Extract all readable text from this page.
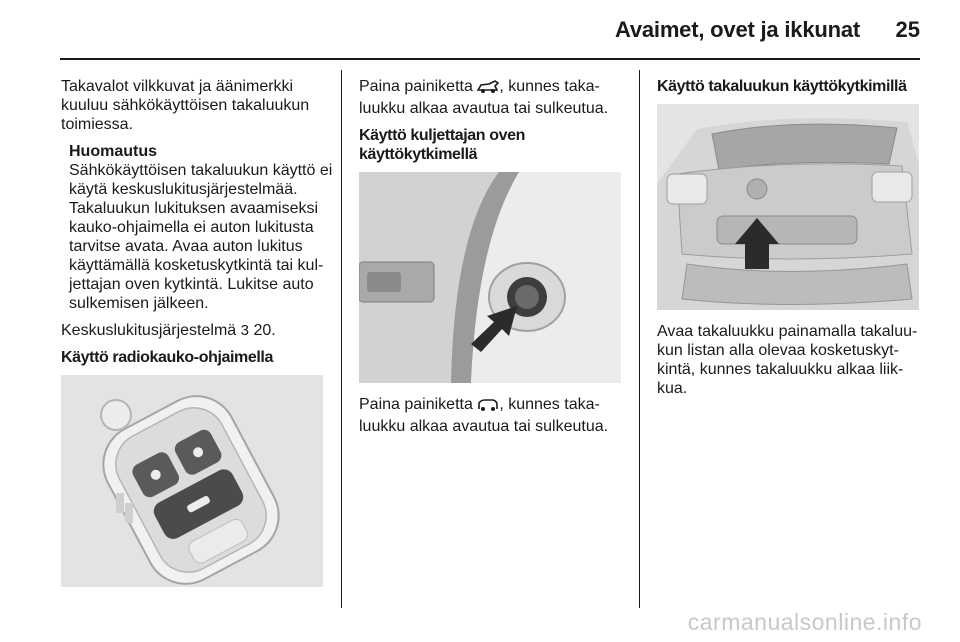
Avaimet, ovet ja ikkunat 25

Takavalot vilkkuvat ja äänimerkki kuuluu sähkökäyttöisen takaluukun toimiessa.

Huomautus
Sähkökäyttöisen takaluukun käyttö ei käytä keskuslukitusjärjestelmää. Takaluukun lukituksen avaamiseksi kauko-ohjaimella ei auton lukitusta tarvitse avata. Avaa auton lukitus käyttämällä kosketuskytkintä tai kul-jettajan oven kytkintä. Lukitse auto sulkemisen jälkeen.

Keskuslukitusjärjestelmä 3 20.

Käyttö radiokauko-ohjaimella

Paina painiketta , kunnes taka-luukku alkaa avautua tai sulkeutua.

Käyttö kuljettajan oven käyttökytkimellä

Paina painiketta , kunnes taka-luukku alkaa avautua tai sulkeutua.

Käyttö takaluukun käyttökytkimillä

Avaa takaluukku painamalla takaluu-kun listan alla olevaa kosketuskyt-kintä, kunnes takaluukku alkaa liik-kua.

carmanualsonline.info
